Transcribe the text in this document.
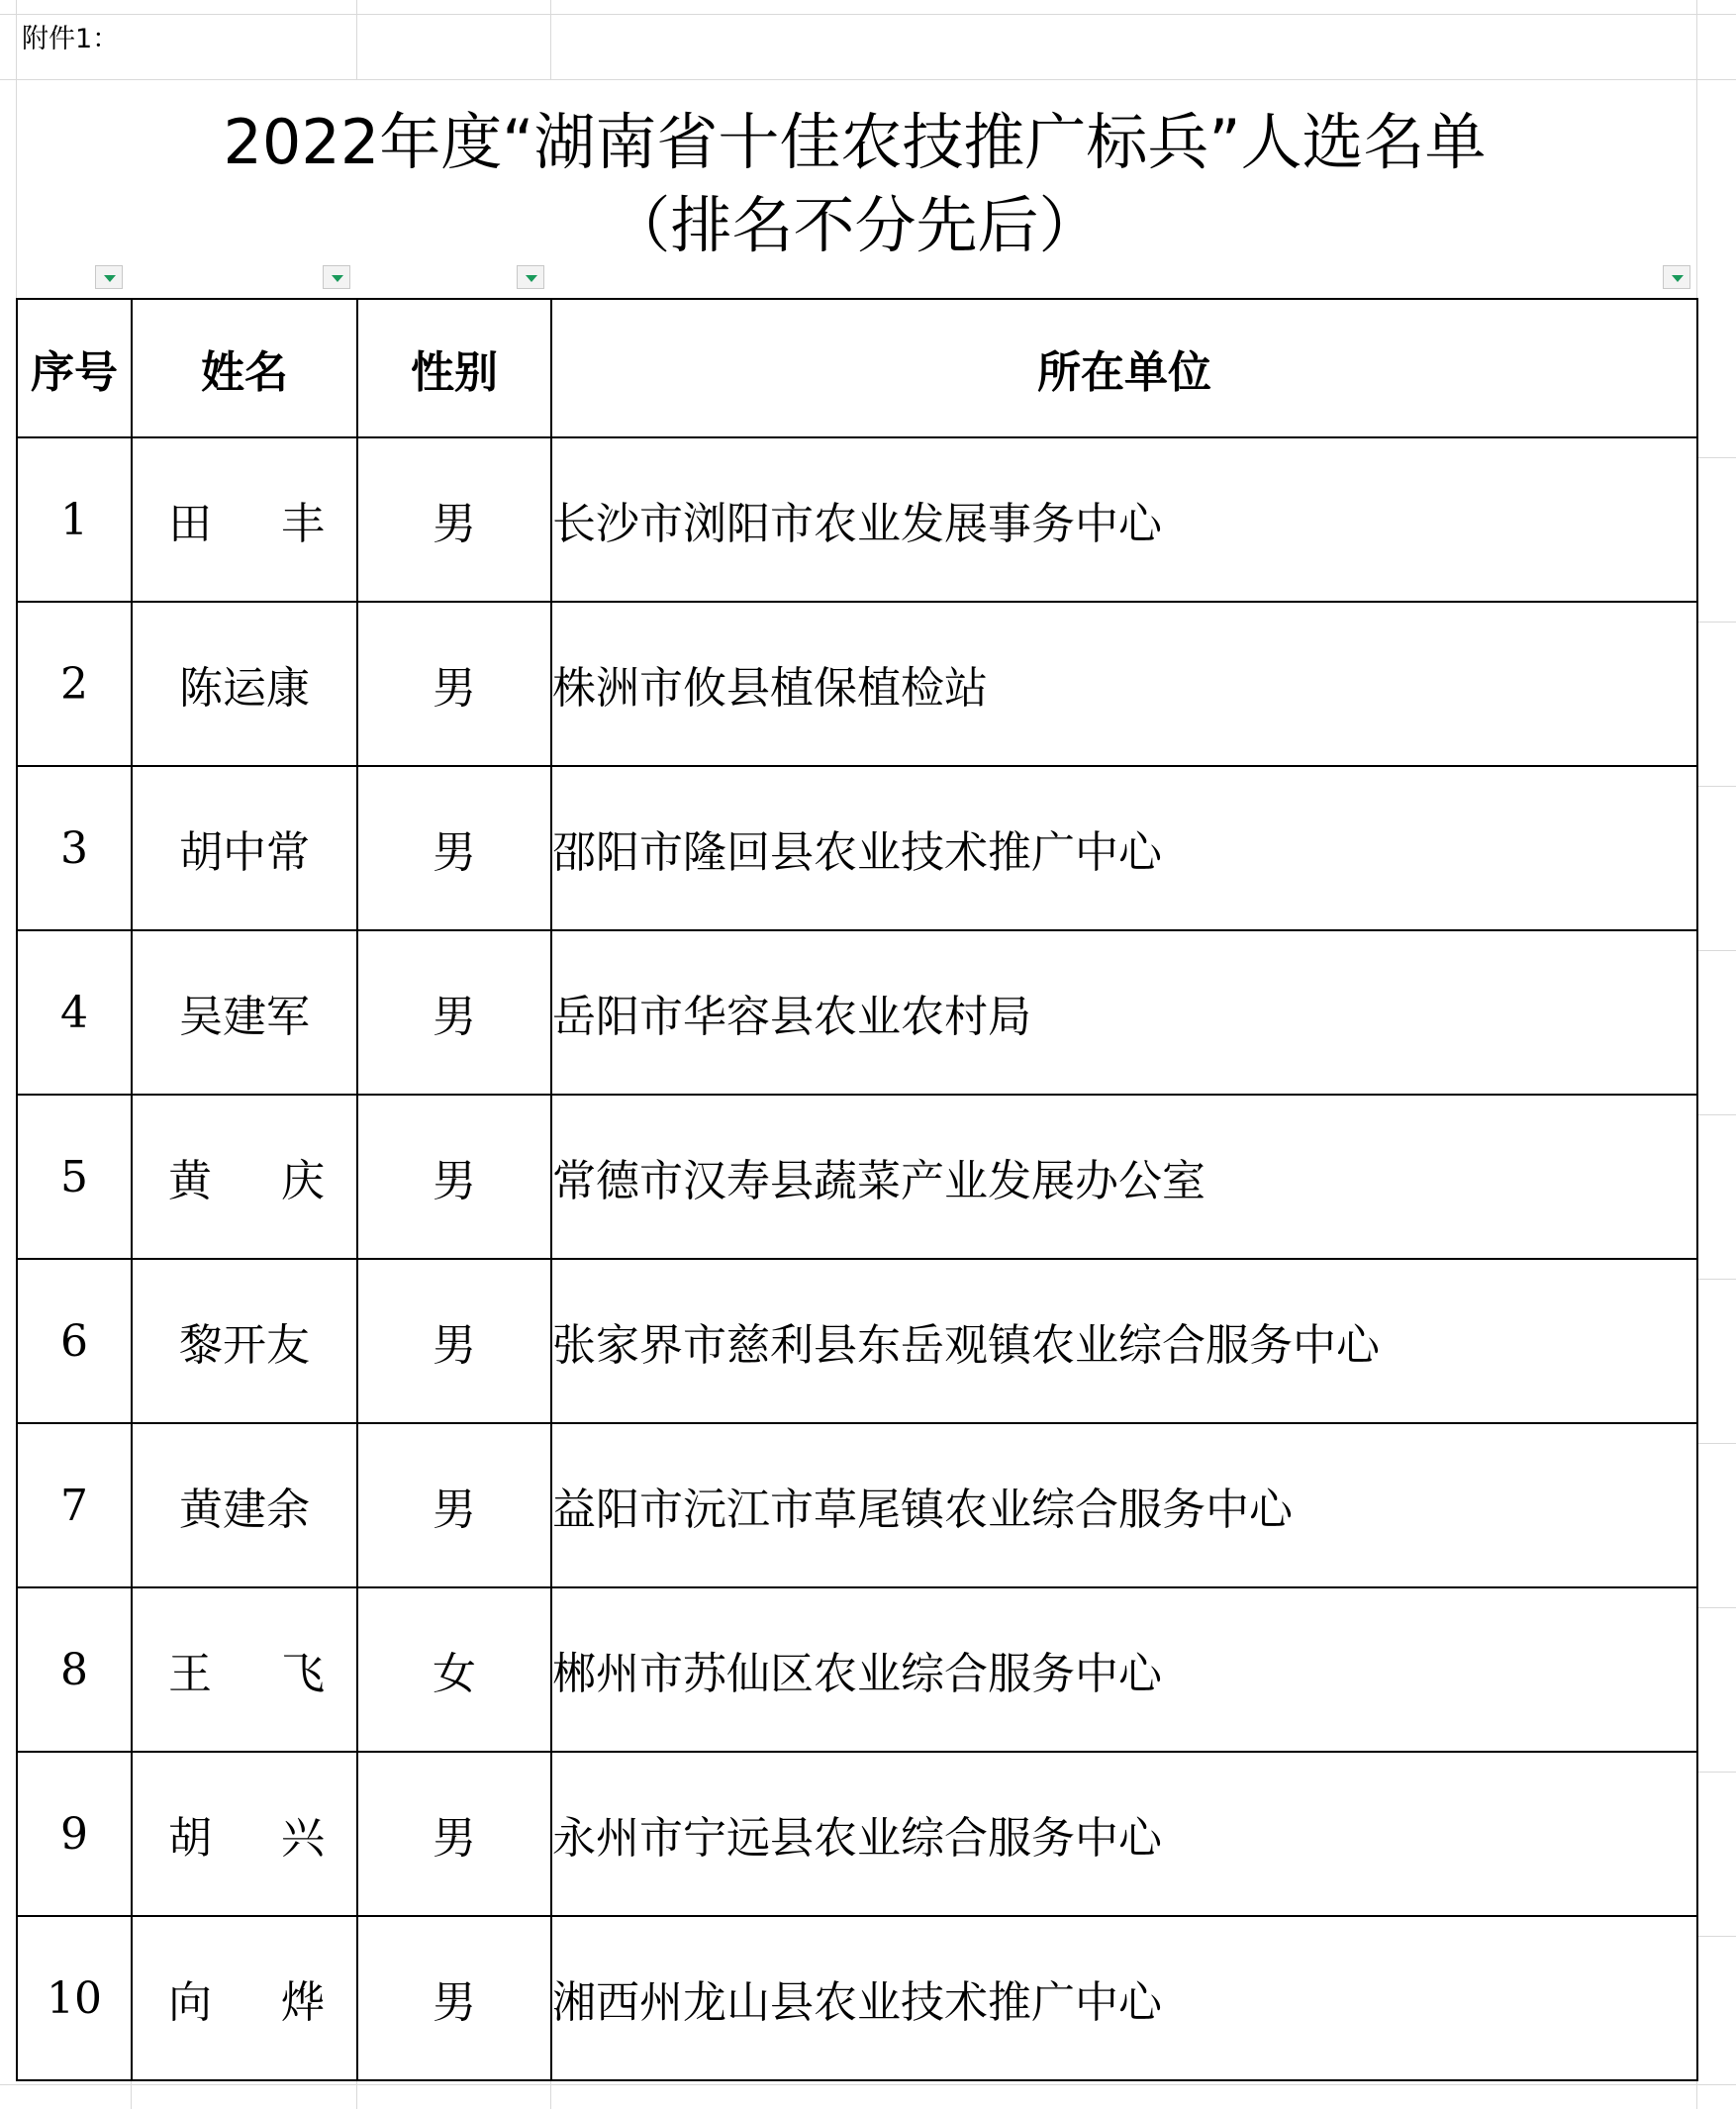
附件1：
2022年度“湖南省十佳农技推广标兵”人选名单
（排名不分先后）
序号	姓名	性别	所在单位
1	田 丰	男	长沙市浏阳市农业发展事务中心
2	陈运康	男	株洲市攸县植保植检站
3	胡中常	男	邵阳市隆回县农业技术推广中心
4	吴建军	男	岳阳市华容县农业农村局
5	黄 庆	男	常德市汉寿县蔬菜产业发展办公室
6	黎开友	男	张家界市慈利县东岳观镇农业综合服务中心
7	黄建余	男	益阳市沅江市草尾镇农业综合服务中心
8	王 飞	女	郴州市苏仙区农业综合服务中心
9	胡 兴	男	永州市宁远县农业综合服务中心
10	向 烨	男	湘西州龙山县农业技术推广中心
